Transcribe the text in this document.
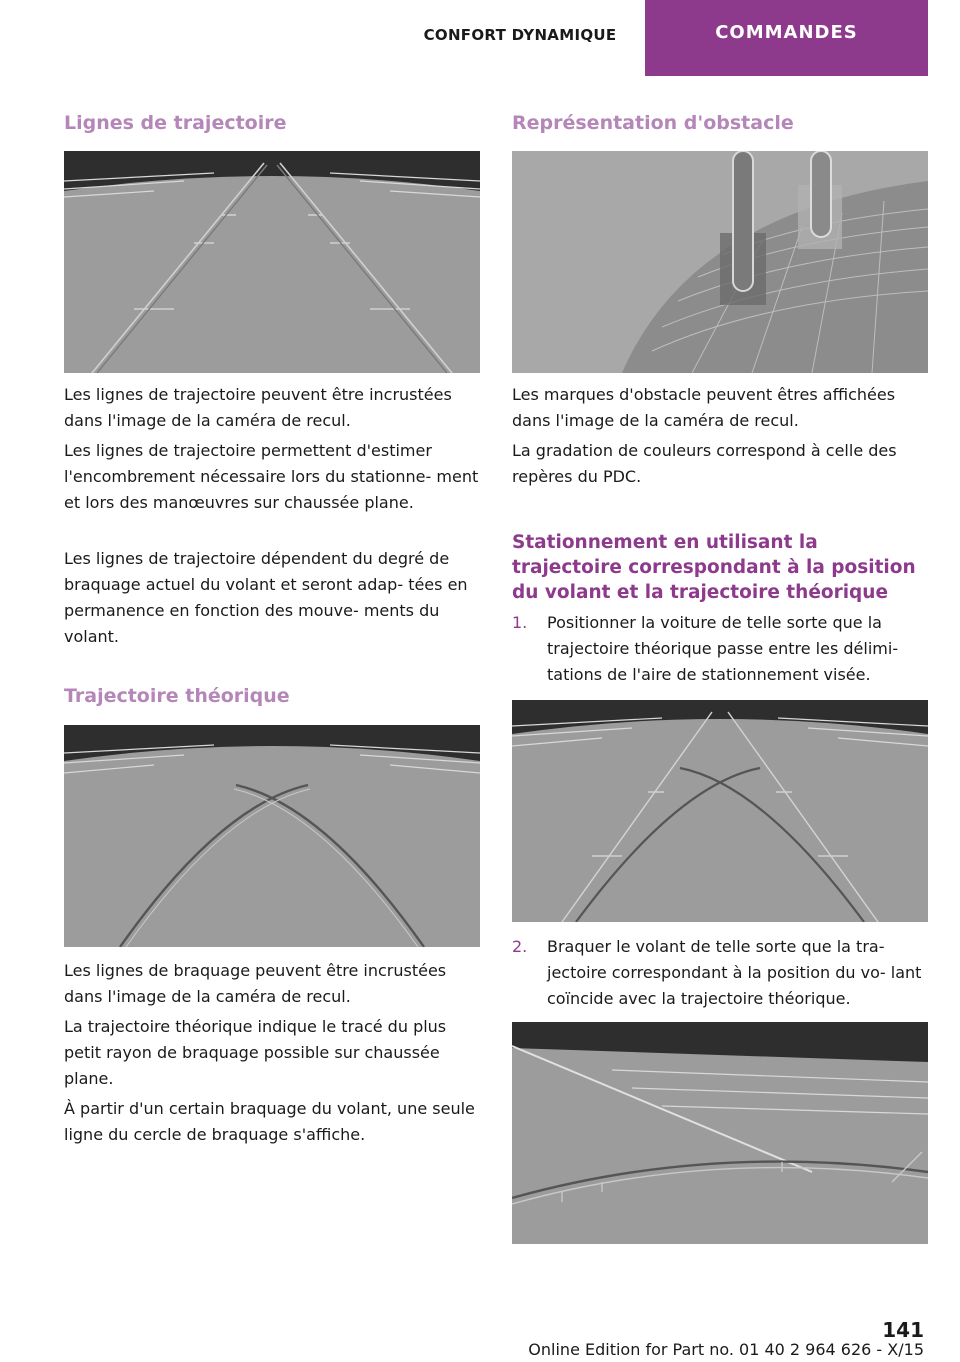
CONFORT DYNAMIQUE	COMMANDES
Lignes de trajectoire

Les lignes de trajectoire peuvent être incrustées dans l'image de la caméra de recul.

Les lignes de trajectoire permettent d'estimer l'encombrement nécessaire lors du stationne‐ ment et lors des manœuvres sur chaussée plane.

Les lignes de trajectoire dépendent du degré de braquage actuel du volant et seront adap‐ tées en permanence en fonction des mouve‐ ments du volant.

Trajectoire théorique

Les lignes de braquage peuvent être incrustées dans l'image de la caméra de recul.

La trajectoire théorique indique le tracé du plus petit rayon de braquage possible sur chaussée plane.

À partir d'un certain braquage du volant, une seule ligne du cercle de braquage s'affiche.

Représentation d'obstacle

Les marques d'obstacle peuvent êtres affichées dans l'image de la caméra de recul.

La gradation de couleurs correspond à celle des repères du PDC.

Stationnement en utilisant la trajectoire correspondant à la position du volant et la trajectoire théorique
1. Positionner la voiture de telle sorte que la trajectoire théorique passe entre les délimi‐ tations de l'aire de stationnement visée.
2. Braquer le volant de telle sorte que la tra‐ jectoire correspondant à la position du vo‐ lant coïncide avec la trajectoire théorique.
141
Online Edition for Part no. 01 40 2 964 626 - X/15
